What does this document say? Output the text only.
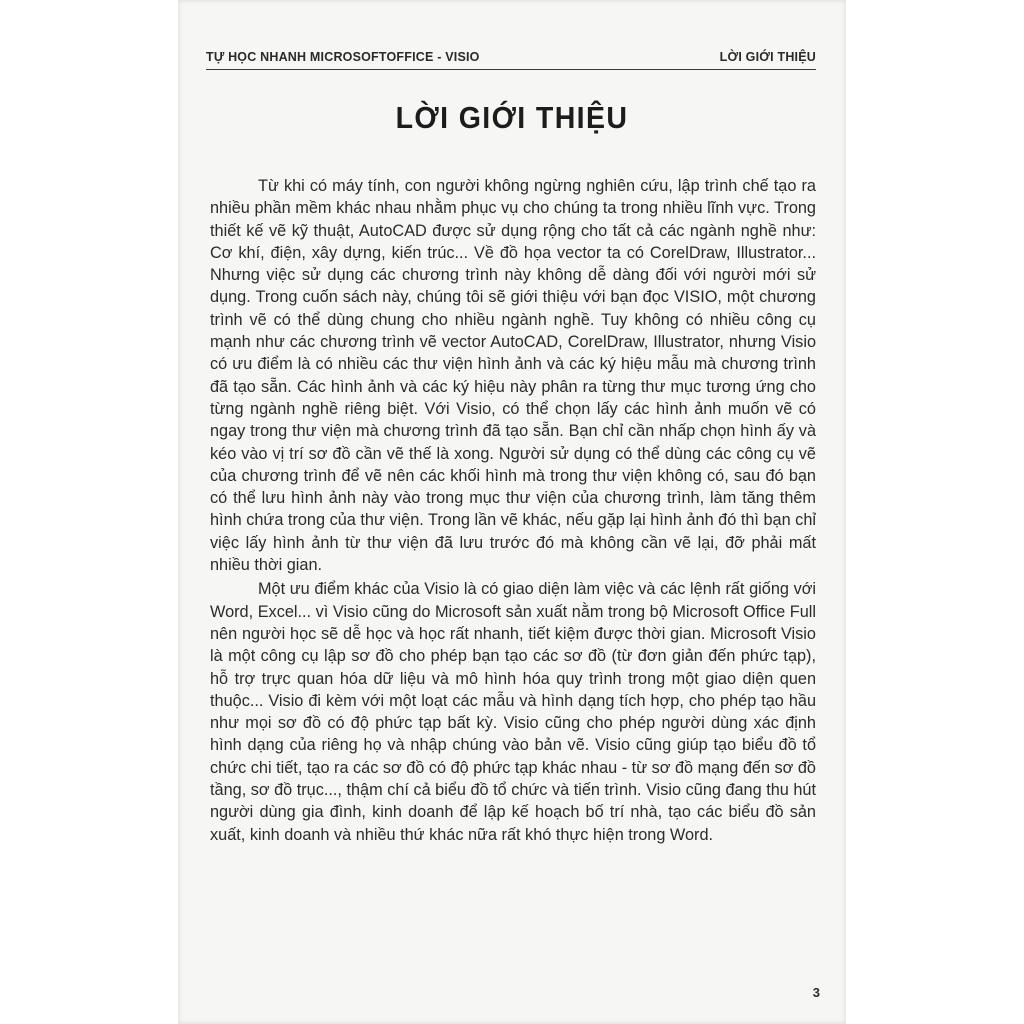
TỰ HỌC NHANH MICROSOFTOFFICE - VISIO	LỜI GIỚI THIỆU
LỜI GIỚI THIỆU

Từ khi có máy tính, con người không ngừng nghiên cứu, lập trình chế tạo ra nhiều phần mềm khác nhau nhằm phục vụ cho chúng ta trong nhiều lĩnh vực. Trong thiết kế vẽ kỹ thuật, AutoCAD được sử dụng rộng cho tất cả các ngành nghề như: Cơ khí, điện, xây dựng, kiến trúc... Về đồ họa vector ta có CorelDraw, Illustrator... Nhưng việc sử dụng các chương trình này không dễ dàng đối với người mới sử dụng. Trong cuốn sách này, chúng tôi sẽ giới thiệu với bạn đọc VISIO, một chương trình vẽ có thể dùng chung cho nhiều ngành nghề. Tuy không có nhiều công cụ mạnh như các chương trình vẽ vector AutoCAD, CorelDraw, Illustrator, nhưng Visio có ưu điểm là có nhiều các thư viện hình ảnh và các ký hiệu mẫu mà chương trình đã tạo sẵn. Các hình ảnh và các ký hiệu này phân ra từng thư mục tương ứng cho từng ngành nghề riêng biệt. Với Visio, có thể chọn lấy các hình ảnh muốn vẽ có ngay trong thư viện mà chương trình đã tạo sẵn. Bạn chỉ cần nhấp chọn hình ấy và kéo vào vị trí sơ đồ cần vẽ thế là xong. Người sử dụng có thể dùng các công cụ vẽ của chương trình để vẽ nên các khối hình mà trong thư viện không có, sau đó bạn có thể lưu hình ảnh này vào trong mục thư viện của chương trình, làm tăng thêm hình chứa trong của thư viện. Trong lần vẽ khác, nếu gặp lại hình ảnh đó thì bạn chỉ việc lấy hình ảnh từ thư viện đã lưu trước đó mà không cần vẽ lại, đỡ phải mất nhiều thời gian.

Một ưu điểm khác của Visio là có giao diện làm việc và các lệnh rất giống với Word, Excel... vì Visio cũng do Microsoft sản xuất nằm trong bộ Microsoft Office Full nên người học sẽ dễ học và học rất nhanh, tiết kiệm được thời gian. Microsoft Visio là một công cụ lập sơ đồ cho phép bạn tạo các sơ đồ (từ đơn giản đến phức tạp), hỗ trợ trực quan hóa dữ liệu và mô hình hóa quy trình trong một giao diện quen thuộc... Visio đi kèm với một loạt các mẫu và hình dạng tích hợp, cho phép tạo hầu như mọi sơ đồ có độ phức tạp bất kỳ. Visio cũng cho phép người dùng xác định hình dạng của riêng họ và nhập chúng vào bản vẽ. Visio cũng giúp tạo biểu đồ tổ chức chi tiết, tạo ra các sơ đồ có độ phức tạp khác nhau - từ sơ đồ mạng đến sơ đồ tầng, sơ đồ trục..., thậm chí cả biểu đồ tổ chức và tiến trình. Visio cũng đang thu hút người dùng gia đình, kinh doanh để lập kế hoạch bố trí nhà, tạo các biểu đồ sản xuất, kinh doanh và nhiều thứ khác nữa rất khó thực hiện trong Word.

3
